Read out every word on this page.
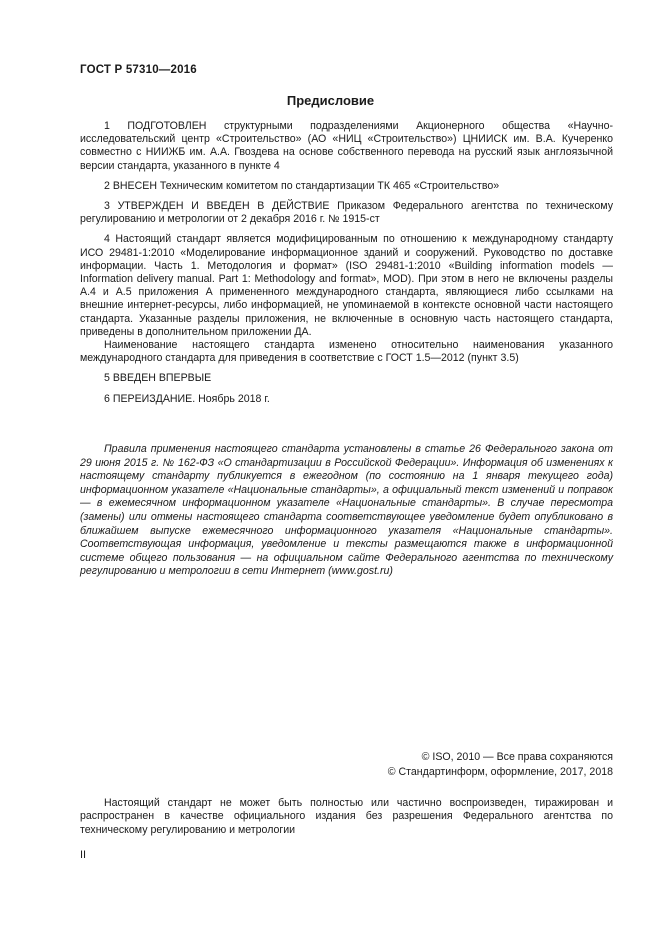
ГОСТ Р 57310—2016
Предисловие

1 ПОДГОТОВЛЕН структурными подразделениями Акционерного общества «Научно-исследовательский центр «Строительство» (АО «НИЦ «Строительство») ЦНИИСК им. В.А. Кучеренко совместно с НИИЖБ им. А.А. Гвоздева на основе собственного перевода на русский язык англоязычной версии стандарта, указанного в пункте 4

2 ВНЕСЕН Техническим комитетом по стандартизации ТК 465 «Строительство»

3 УТВЕРЖДЕН И ВВЕДЕН В ДЕЙСТВИЕ Приказом Федерального агентства по техническому регулированию и метрологии от 2 декабря 2016 г. № 1915-ст

4 Настоящий стандарт является модифицированным по отношению к международному стандарту ИСО 29481-1:2010 «Моделирование информационное зданий и сооружений. Руководство по доставке информации. Часть 1. Методология и формат» (ISO 29481-1:2010 «Building information models — Information delivery manual. Part 1: Methodology and format», MOD). При этом в него не включены разделы А.4 и А.5 приложения А примененного международного стандарта, являющиеся либо ссылками на внешние интернет-ресурсы, либо информацией, не упоминаемой в контексте основной части настоящего стандарта. Указанные разделы приложения, не включенные в основную часть настоящего стандарта, приведены в дополнительном приложении ДА.

Наименование настоящего стандарта изменено относительно наименования указанного международного стандарта для приведения в соответствие с ГОСТ 1.5—2012 (пункт 3.5)

5 ВВЕДЕН ВПЕРВЫЕ

6 ПЕРЕИЗДАНИЕ. Ноябрь 2018 г.

Правила применения настоящего стандарта установлены в статье 26 Федерального закона от 29 июня 2015 г. № 162-ФЗ «О стандартизации в Российской Федерации». Информация об изменениях к настоящему стандарту публикуется в ежегодном (по состоянию на 1 января текущего года) информационном указателе «Национальные стандарты», а официальный текст изменений и поправок — в ежемесячном информационном указателе «Национальные стандарты». В случае пересмотра (замены) или отмены настоящего стандарта соответствующее уведомление будет опубликовано в ближайшем выпуске ежемесячного информационного указателя «Национальные стандарты». Соответствующая информация, уведомление и тексты размещаются также в информационной системе общего пользования — на официальном сайте Федерального агентства по техническому регулированию и метрологии в сети Интернет (www.gost.ru)

© ISO, 2010 — Все права сохраняются
© Стандартинформ, оформление, 2017, 2018

Настоящий стандарт не может быть полностью или частично воспроизведен, тиражирован и распространен в качестве официального издания без разрешения Федерального агентства по техническому регулированию и метрологии

II
